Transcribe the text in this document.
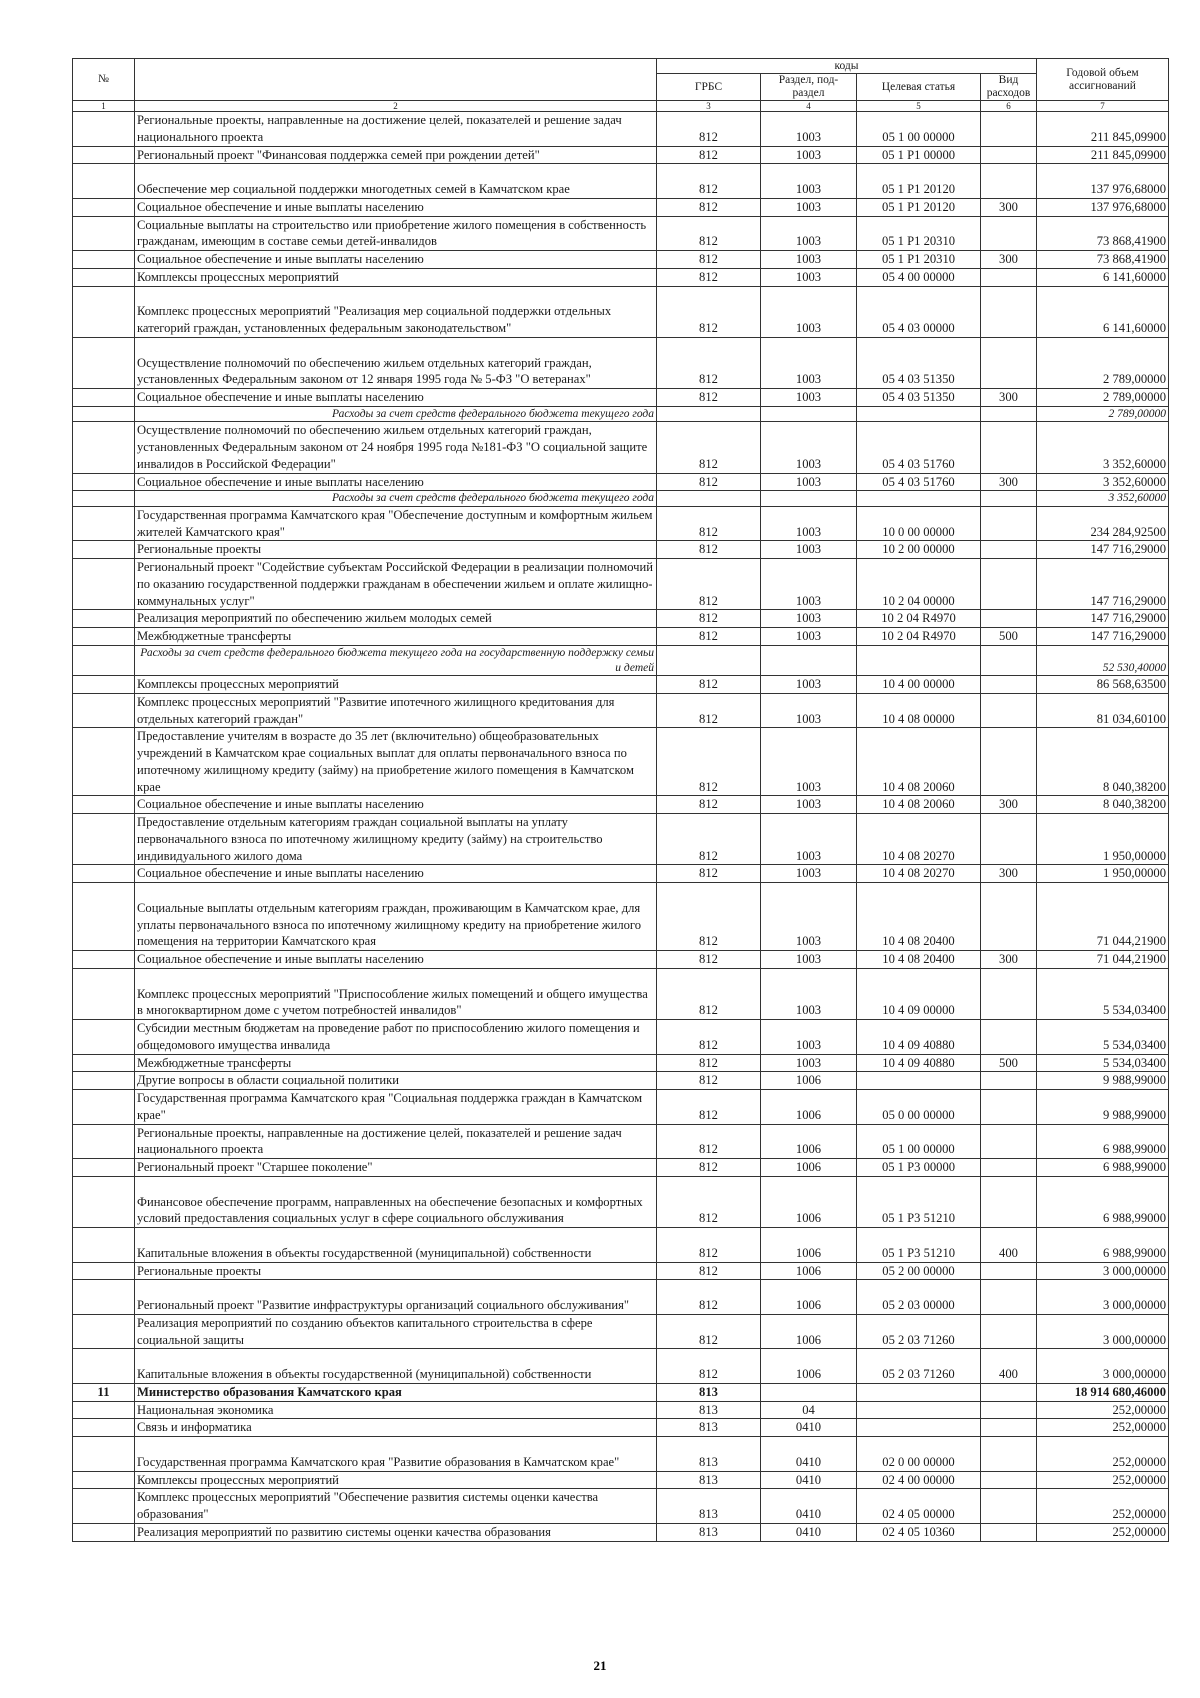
№		коды				Годовой объем ассигнований
		ГРБС	Раздел, под-раздел	Целевая статья	Вид расходов	
1	2	3	4	5	6	7
	Региональные проекты, направленные на достижение целей, показателей и решение задач национального проекта	812	1003	05 1 00 00000		211 845,09900
	Региональный проект "Финансовая поддержка семей при рождении детей"	812	1003	05 1 Р1 00000		211 845,09900
	Обеспечение мер социальной поддержки многодетных семей в Камчатском крае	812	1003	05 1 Р1 20120		137 976,68000
	Социальное обеспечение и иные выплаты населению	812	1003	05 1 Р1 20120	300	137 976,68000
	Социальные выплаты на строительство или приобретение жилого помещения в собственность гражданам, имеющим в составе семьи детей-инвалидов	812	1003	05 1 Р1 20310		73 868,41900
	Социальное обеспечение и иные выплаты населению	812	1003	05 1 Р1 20310	300	73 868,41900
	Комплексы процессных мероприятий	812	1003	05 4 00 00000		6 141,60000
	Комплекс процессных мероприятий "Реализация мер социальной поддержки отдельных категорий граждан, установленных федеральным законодательством"	812	1003	05 4 03 00000		6 141,60000
	Осуществление полномочий по обеспечению жильем отдельных категорий граждан, установленных Федеральным законом от 12 января 1995 года № 5-ФЗ "О ветеранах"	812	1003	05 4 03 51350		2 789,00000
	Социальное обеспечение и иные выплаты населению	812	1003	05 4 03 51350	300	2 789,00000
	Расходы за счет средств федерального бюджета текущего года					2 789,00000
	Осуществление полномочий по обеспечению жильем отдельных категорий граждан, установленных Федеральным законом от 24 ноября 1995 года №181-ФЗ "О социальной защите инвалидов в Российской Федерации"	812	1003	05 4 03 51760		3 352,60000
	Социальное обеспечение и иные выплаты населению	812	1003	05 4 03 51760	300	3 352,60000
	Расходы за счет средств федерального бюджета текущего года					3 352,60000
	Государственная программа Камчатского края "Обеспечение доступным и комфортным жильем жителей Камчатского края"	812	1003	10 0 00 00000		234 284,92500
	Региональные проекты	812	1003	10 2 00 00000		147 716,29000
	Региональный проект "Содействие субъектам Российской Федерации в реализации полномочий по оказанию государственной поддержки гражданам в обеспечении жильем и оплате жилищно-коммунальных услуг"	812	1003	10 2 04 00000		147 716,29000
	Реализация мероприятий по обеспечению жильем молодых семей	812	1003	10 2 04 R4970		147 716,29000
	Межбюджетные трансферты	812	1003	10 2 04 R4970	500	147 716,29000
	Расходы за счет средств федерального бюджета текущего года на государственную поддержку семьи и детей					52 530,40000
	Комплексы процессных мероприятий	812	1003	10 4 00 00000		86 568,63500
	Комплекс процессных мероприятий "Развитие ипотечного жилищного кредитования для отдельных категорий граждан"	812	1003	10 4 08 00000		81 034,60100
	Предоставление учителям в возрасте до 35 лет (включительно) общеобразовательных учреждений в Камчатском крае социальных выплат для оплаты первоначального взноса по ипотечному жилищному кредиту (займу) на приобретение жилого помещения в Камчатском крае	812	1003	10 4 08 20060		8 040,38200
	Социальное обеспечение и иные выплаты населению	812	1003	10 4 08 20060	300	8 040,38200
	Предоставление отдельным категориям граждан социальной выплаты на уплату первоначального взноса по ипотечному жилищному кредиту (займу) на строительство индивидуального жилого дома	812	1003	10 4 08 20270		1 950,00000
	Социальное обеспечение и иные выплаты населению	812	1003	10 4 08 20270	300	1 950,00000
	Социальные выплаты отдельным категориям граждан, проживающим в Камчатском крае, для уплаты первоначального взноса по ипотечному жилищному кредиту на приобретение жилого помещения на территории Камчатского края	812	1003	10 4 08 20400		71 044,21900
	Социальное обеспечение и иные выплаты населению	812	1003	10 4 08 20400	300	71 044,21900
	Комплекс процессных мероприятий "Приспособление жилых помещений и общего имущества в многоквартирном доме с учетом потребностей инвалидов"	812	1003	10 4 09 00000		5 534,03400
	Субсидии местным бюджетам на проведение работ по приспособлению жилого помещения и общедомового имущества инвалида	812	1003	10 4 09 40880		5 534,03400
	Межбюджетные трансферты	812	1003	10 4 09 40880	500	5 534,03400
	Другие вопросы в области социальной политики	812	1006			9 988,99000
	Государственная программа Камчатского края "Социальная поддержка граждан в Камчатском крае"	812	1006	05 0 00 00000		9 988,99000
	Региональные проекты, направленные на достижение целей, показателей и решение задач национального проекта	812	1006	05 1 00 00000		6 988,99000
	Региональный проект "Старшее поколение"	812	1006	05 1 Р3 00000		6 988,99000
	Финансовое обеспечение программ, направленных на обеспечение безопасных и комфортных условий предоставления социальных услуг в сфере социального обслуживания	812	1006	05 1 Р3 51210		6 988,99000
	Капитальные вложения в объекты государственной (муниципальной) собственности	812	1006	05 1 Р3 51210	400	6 988,99000
	Региональные проекты	812	1006	05 2 00 00000		3 000,00000
	Региональный проект "Развитие инфраструктуры организаций социального обслуживания"	812	1006	05 2 03 00000		3 000,00000
	Реализация мероприятий по созданию объектов капитального строительства в сфере социальной защиты	812	1006	05 2 03 71260		3 000,00000
	Капитальные вложения в объекты государственной (муниципальной) собственности	812	1006	05 2 03 71260	400	3 000,00000
11	Министерство образования Камчатского края	813				18 914 680,46000
	Национальная экономика	813	04			252,00000
	Связь и информатика	813	0410			252,00000
	Государственная программа Камчатского края "Развитие образования в Камчатском крае"	813	0410	02 0 00 00000		252,00000
	Комплексы процессных мероприятий	813	0410	02 4 00 00000		252,00000
	Комплекс процессных мероприятий "Обеспечение развития системы оценки качества образования"	813	0410	02 4 05 00000		252,00000
	Реализация мероприятий по развитию системы оценки качества образования	813	0410	02 4 05 10360		252,00000
21
